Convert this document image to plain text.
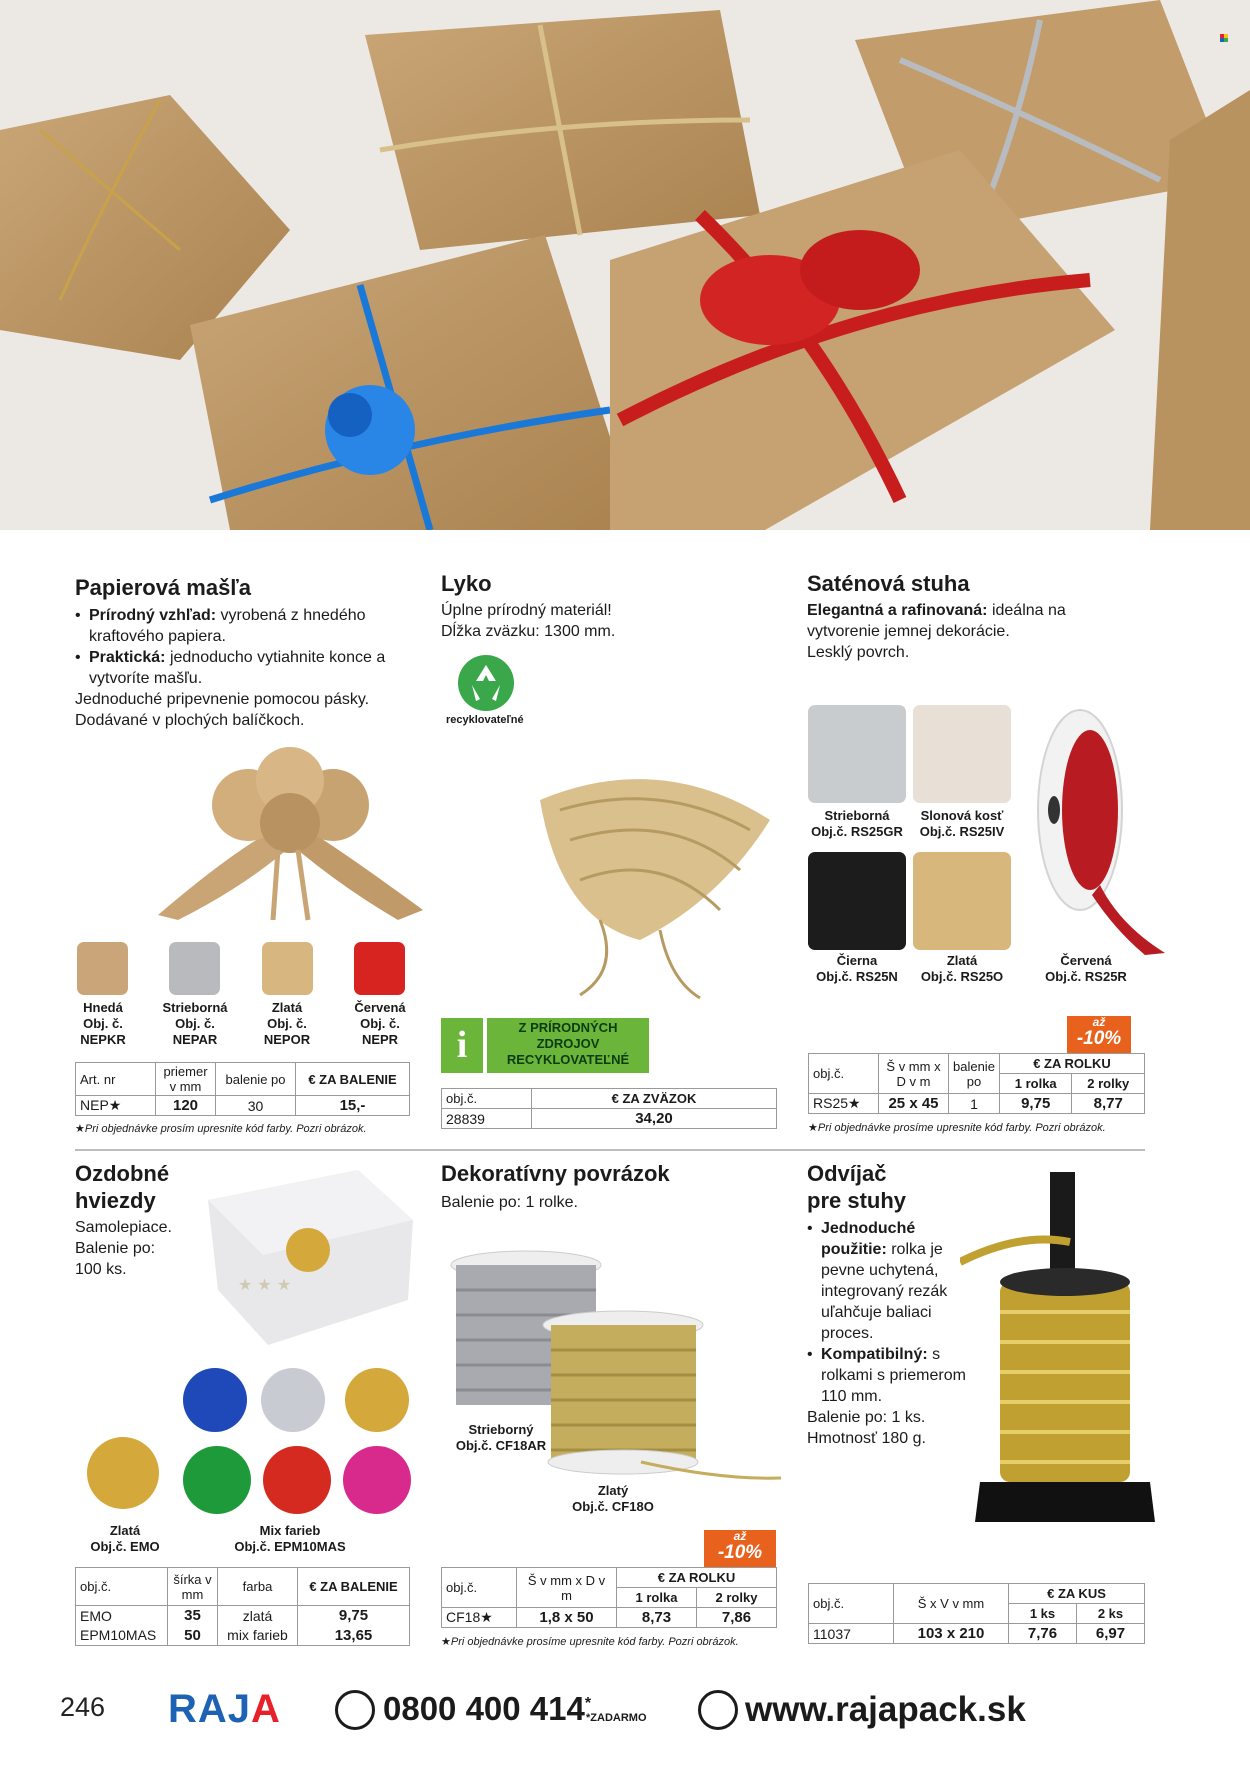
Papierová mašľa
• Prírodný vzhľad: vyrobená z hnedého kraftového papiera.
• Praktická: jednoducho vytiahnite konce a vytvoríte mašľu.
Jednoduché pripevnenie pomocou pásky.
Dodávané v plochých balíčkoch.
Hnedá
Obj. č.
NEPKR
Strieborná
Obj. č.
NEPAR
Zlatá
Obj. č.
NEPOR
Červená
Obj. č.
NEPR
Art. nr	priemer v mm	balenie po	€ ZA BALENIE
NEP★	120	30	15,-
★Pri objednávke prosím upresnite kód farby. Pozri obrázok.
Lyko
Úplne prírodný materiál!
Dĺžka zväzku: 1300 mm.
recyklovateľné
i	Z PRÍRODNÝCH
ZDROJOV
RECYKLOVATEĽNÉ
obj.č.	€ ZA ZVÄZOK
28839	34,20
Saténová stuha
Elegantná a rafinovaná: ideálna na vytvorenie jemnej dekorácie.
Lesklý povrch.
Strieborná
Obj.č. RS25GR
Slonová kosť
Obj.č. RS25IV
Čierna
Obj.č. RS25N
Zlatá
Obj.č. RS25O
Červená
Obj.č. RS25R
až
-10%
obj.č.	Š v mm x D v m	balenie po	€ ZA ROLKU	
			1 rolka	2 rolky
RS25★	25 x 45	1	9,75	8,77
★Pri objednávke prosíme upresnite kód farby. Pozri obrázok.
Ozdobné
hviezdy
Samolepiace.
Balenie po:
100 ks.
★ ★ ★
Zlatá
Obj.č. EMO
Mix farieb
Obj.č. EPM10MAS
obj.č.	šírka v mm	farba	€ ZA BALENIE
EMO	35	zlatá	9,75
EPM10MAS	50	mix farieb	13,65
Dekoratívny povrázok
Balenie po: 1 rolke.
Strieborný
Obj.č. CF18AR
Zlatý
Obj.č. CF18O
až
-10%
obj.č.	Š v mm x D v m	€ ZA ROLKU	
		1 rolka	2 rolky
CF18★	1,8 x 50	8,73	7,86
★Pri objednávke prosíme upresnite kód farby. Pozri obrázok.
Odvíjač
pre stuhy
• Jednoduché použitie: rolka je pevne uchytená, integrovaný rezák uľahčuje baliaci proces.
• Kompatibilný: s rolkami s priemerom 110 mm.
Balenie po: 1 ks.
Hmotnosť 180 g.
obj.č.	Š x V v mm	€ ZA KUS	
		1 ks	2 ks
11037	103 x 210	7,76	6,97
246 RAJA	0800 400 414*
*ZADARMO	www.rajapack.sk
